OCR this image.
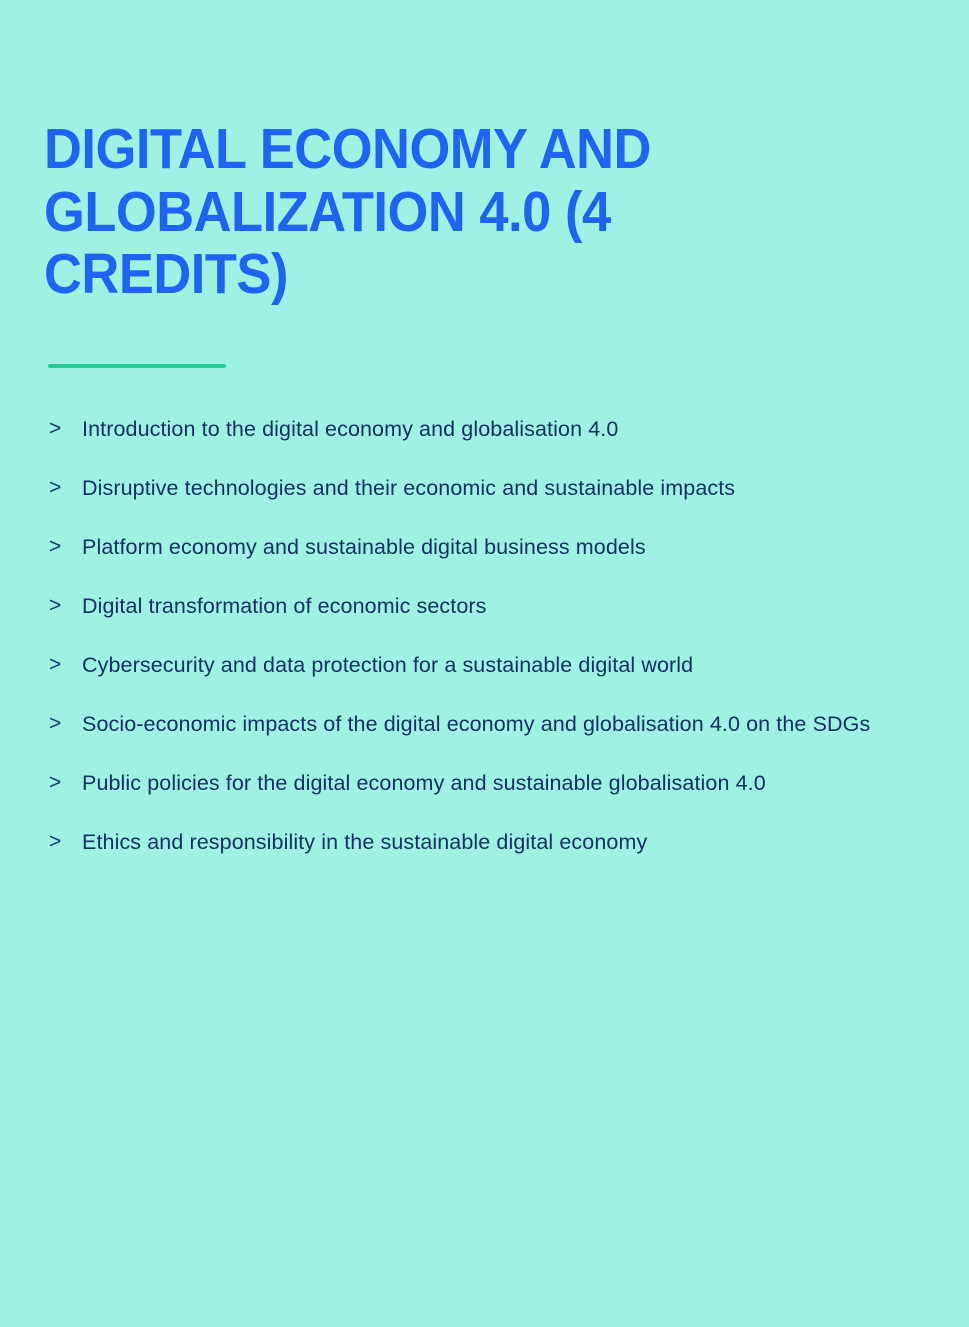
DIGITAL ECONOMY AND GLOBALIZATION 4.0 (4 CREDITS)
> Introduction to the digital economy and globalisation 4.0
> Disruptive technologies and their economic and sustainable impacts
> Platform economy and sustainable digital business models
> Digital transformation of economic sectors
> Cybersecurity and data protection for a sustainable digital world
> Socio-economic impacts of the digital economy and globalisation 4.0 on the SDGs
> Public policies for the digital economy and sustainable globalisation 4.0
> Ethics and responsibility in the sustainable digital economy
